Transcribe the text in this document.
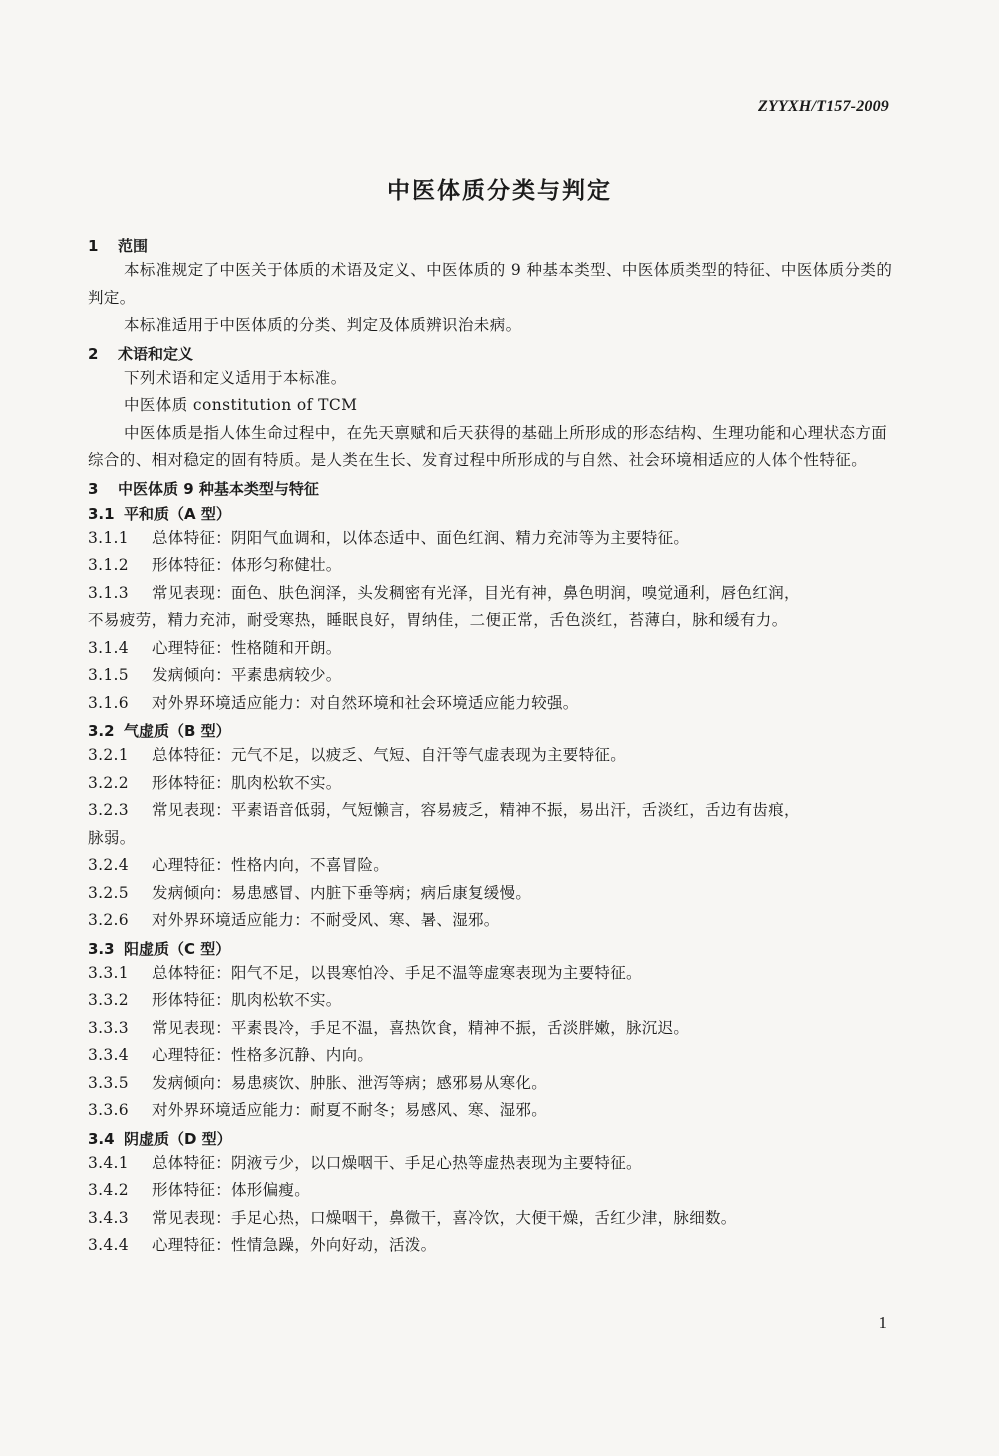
ZYYXH/T157-2009
中医体质分类与判定
1 范围
本标准规定了中医关于体质的术语及定义、中医体质的 9 种基本类型、中医体质类型的特征、中医体质分类的判定。
本标准适用于中医体质的分类、判定及体质辨识治未病。
2 术语和定义
下列术语和定义适用于本标准。
中医体质 constitution of TCM
中医体质是指人体生命过程中，在先天禀赋和后天获得的基础上所形成的形态结构、生理功能和心理状态方面综合的、相对稳定的固有特质。是人类在生长、发育过程中所形成的与自然、社会环境相适应的人体个性特征。
3 中医体质 9 种基本类型与特征
3.1 平和质（A 型）
3.1.1 总体特征：阴阳气血调和，以体态适中、面色红润、精力充沛等为主要特征。
3.1.2 形体特征：体形匀称健壮。
3.1.3 常见表现：面色、肤色润泽，头发稠密有光泽，目光有神，鼻色明润，嗅觉通利，唇色红润，
不易疲劳，精力充沛，耐受寒热，睡眠良好，胃纳佳，二便正常，舌色淡红，苔薄白，脉和缓有力。
3.1.4 心理特征：性格随和开朗。
3.1.5 发病倾向：平素患病较少。
3.1.6 对外界环境适应能力：对自然环境和社会环境适应能力较强。
3.2 气虚质（B 型）
3.2.1 总体特征：元气不足，以疲乏、气短、自汗等气虚表现为主要特征。
3.2.2 形体特征：肌肉松软不实。
3.2.3 常见表现：平素语音低弱，气短懒言，容易疲乏，精神不振，易出汗，舌淡红，舌边有齿痕，
脉弱。
3.2.4 心理特征：性格内向，不喜冒险。
3.2.5 发病倾向：易患感冒、内脏下垂等病；病后康复缓慢。
3.2.6 对外界环境适应能力：不耐受风、寒、暑、湿邪。
3.3 阳虚质（C 型）
3.3.1 总体特征：阳气不足，以畏寒怕冷、手足不温等虚寒表现为主要特征。
3.3.2 形体特征：肌肉松软不实。
3.3.3 常见表现：平素畏冷，手足不温，喜热饮食，精神不振，舌淡胖嫩，脉沉迟。
3.3.4 心理特征：性格多沉静、内向。
3.3.5 发病倾向：易患痰饮、肿胀、泄泻等病；感邪易从寒化。
3.3.6 对外界环境适应能力：耐夏不耐冬；易感风、寒、湿邪。
3.4 阴虚质（D 型）
3.4.1 总体特征：阴液亏少，以口燥咽干、手足心热等虚热表现为主要特征。
3.4.2 形体特征：体形偏瘦。
3.4.3 常见表现：手足心热，口燥咽干，鼻微干，喜冷饮，大便干燥，舌红少津，脉细数。
3.4.4 心理特征：性情急躁，外向好动，活泼。
1
